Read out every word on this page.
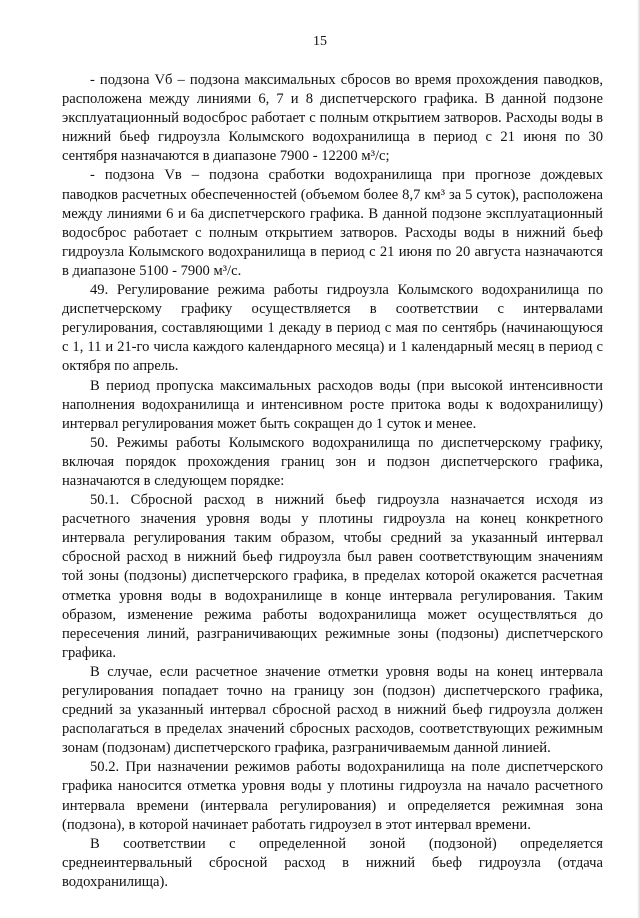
15

- подзона Vб – подзона максимальных сбросов во время прохождения паводков, расположена между линиями 6, 7 и 8 диспетчерского графика. В данной подзоне эксплуатационный водосброс работает с полным открытием затворов. Расходы воды в нижний бьеф гидроузла Колымского водохранилища в период с 21 июня по 30 сентября назначаются в диапазоне 7900 - 12200 м³/с;

- подзона Vв – подзона сработки водохранилища при прогнозе дождевых паводков расчетных обеспеченностей (объемом более 8,7 км³ за 5 суток), расположена между линиями 6 и 6а диспетчерского графика. В данной подзоне эксплуатационный водосброс работает с полным открытием затворов. Расходы воды в нижний бьеф гидроузла Колымского водохранилища в период с 21 июня по 20 августа назначаются в диапазоне 5100 - 7900 м³/с.

49. Регулирование режима работы гидроузла Колымского водохранилища по диспетчерскому графику осуществляется в соответствии с интервалами регулирования, составляющими 1 декаду в период с мая по сентябрь (начинающуюся с 1, 11 и 21-го числа каждого календарного месяца) и 1 календарный месяц в период с октября по апрель.

В период пропуска максимальных расходов воды (при высокой интенсивности наполнения водохранилища и интенсивном росте притока воды к водохранилищу) интервал регулирования может быть сокращен до 1 суток и менее.

50. Режимы работы Колымского водохранилища по диспетчерскому графику, включая порядок прохождения границ зон и подзон диспетчерского графика, назначаются в следующем порядке:

50.1. Сбросной расход в нижний бьеф гидроузла назначается исходя из расчетного значения уровня воды у плотины гидроузла на конец конкретного интервала регулирования таким образом, чтобы средний за указанный интервал сбросной расход в нижний бьеф гидроузла был равен соответствующим значениям той зоны (подзоны) диспетчерского графика, в пределах которой окажется расчетная отметка уровня воды в водохранилище в конце интервала регулирования. Таким образом, изменение режима работы водохранилища может осуществляться до пересечения линий, разграничивающих режимные зоны (подзоны) диспетчерского графика.

В случае, если расчетное значение отметки уровня воды на конец интервала регулирования попадает точно на границу зон (подзон) диспетчерского графика, средний за указанный интервал сбросной расход в нижний бьеф гидроузла должен располагаться в пределах значений сбросных расходов, соответствующих режимным зонам (подзонам) диспетчерского графика, разграничиваемым данной линией.

50.2. При назначении режимов работы водохранилища на поле диспетчерского графика наносится отметка уровня воды у плотины гидроузла на начало расчетного интервала времени (интервала регулирования) и определяется режимная зона (подзона), в которой начинает работать гидроузел в этот интервал времени.

В соответствии с определенной зоной (подзоной) определяется среднеинтервальный сбросной расход в нижний бьеф гидроузла (отдача водохранилища).
